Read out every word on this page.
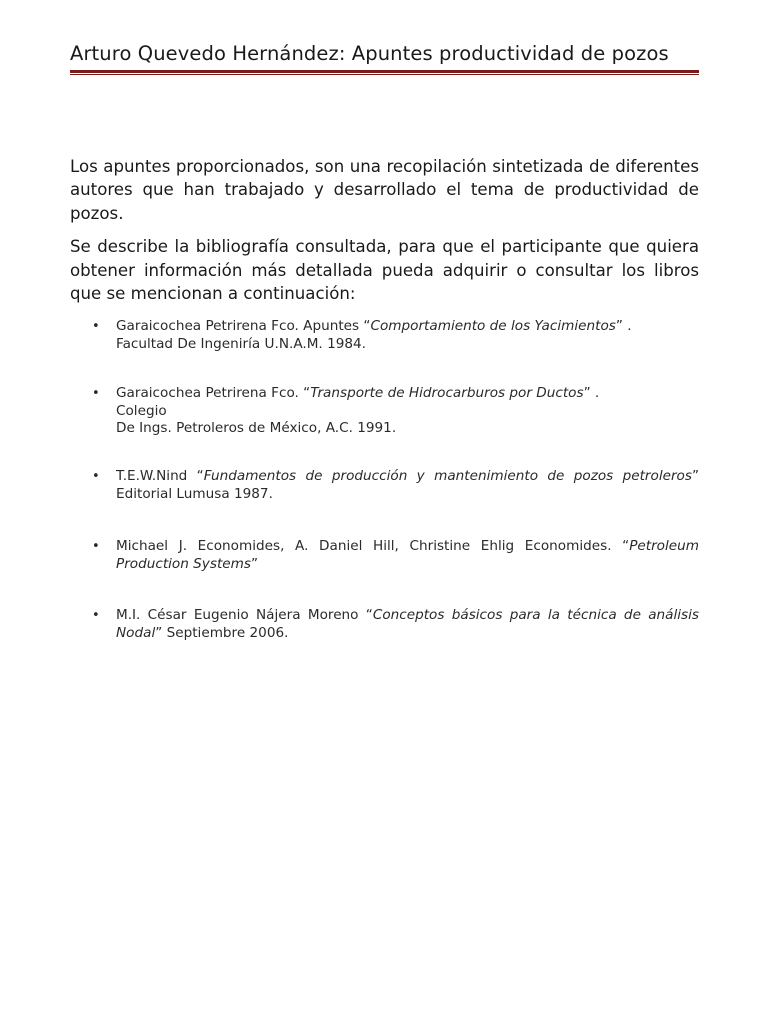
Arturo Quevedo Hernández: Apuntes productividad de pozos

Los apuntes proporcionados, son una recopilación sintetizada de diferentes autores que han trabajado y desarrollado el tema de productividad de pozos.

Se describe la bibliografía consultada, para que el participante que quiera obtener información más detallada pueda adquirir o consultar los libros que se mencionan a continuación:

• Garaicochea Petrirena Fco. Apuntes “Comportamiento de los Yacimientos” .
Facultad De Ingeniría U.N.A.M. 1984.
• Garaicochea Petrirena Fco. “Transporte de Hidrocarburos por Ductos” .
Colegio
De Ings. Petroleros de México, A.C. 1991.
•	T.E.W.Nind “Fundamentos de producción y mantenimiento de pozos petroleros” Editorial Lumusa 1987.
•	Michael J. Economides, A. Daniel Hill, Christine Ehlig Economides. “Petroleum Production Systems”
•	M.I. César Eugenio Nájera Moreno “Conceptos básicos para la técnica de análisis Nodal” Septiembre 2006.
